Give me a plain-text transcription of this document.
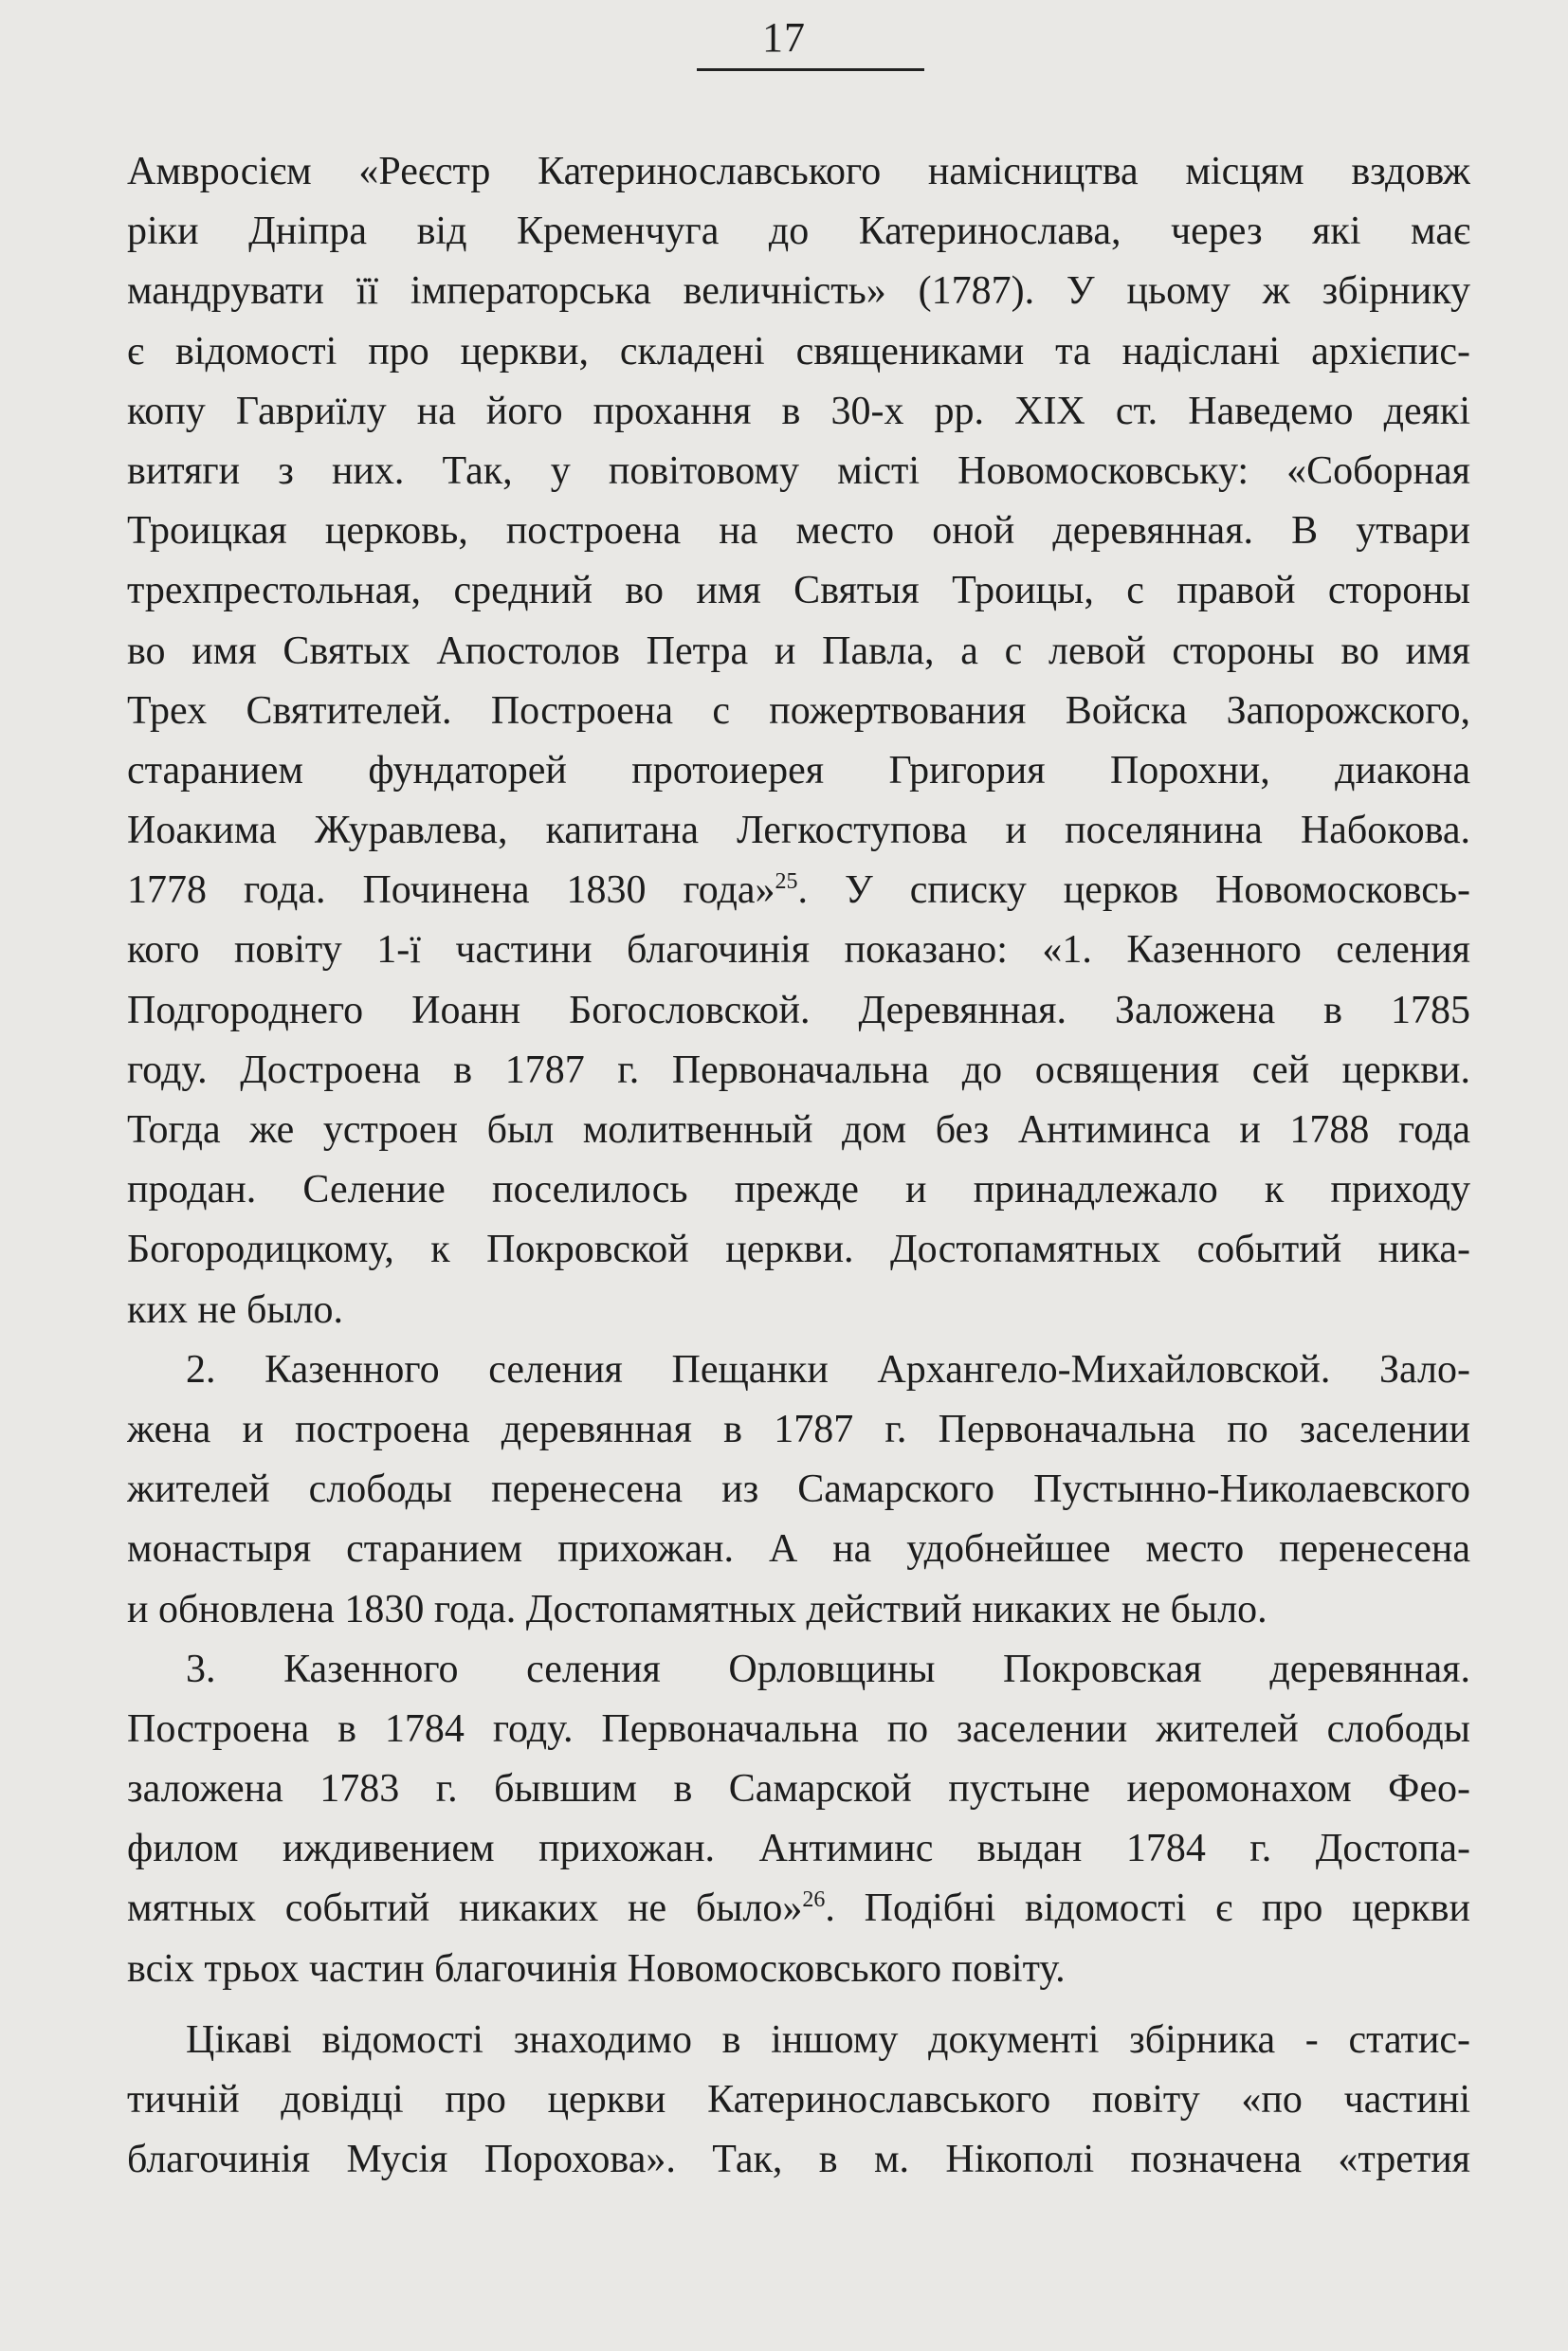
17
Амвросієм «Реєстр Катеринославського намісництва місцям вздовж
ріки Дніпра від Кременчуга до Катеринослава, через які має
мандрувати її імператорська величність» (1787). У цьому ж збірнику
є відомості про церкви, складені священиками та надіслані архієпис-
копу Гавриїлу на його прохання в 30-х рр. XIX ст. Наведемо деякі
витяги з них. Так, у повітовому місті Новомосковську: «Соборная
Троицкая церковь, построена на место оной деревянная. В утвари
трехпрестольная, средний во имя Святыя Троицы, с правой стороны
во имя Святых Апостолов Петра и Павла, а с левой стороны во имя
Трех Святителей. Построена с пожертвования Войска Запорожского,
старанием фундаторей протоиерея Григория Порохни, диакона
Иоакима Журавлева, капитана Легкоступова и поселянина Набокова.
1778 года. Починена 1830 года»$^{25}$. У списку церков Новомосковсь-
кого повіту 1-ї частини благочинія показано: «1. Казенного селения
Подгороднего Иоанн Богословской. Деревянная. Заложена в 1785
году. Достроена в 1787 г. Первоначальна до освящения сей церкви.
Тогда же устроен был молитвенный дом без Антиминса и 1788 года
продан. Селение поселилось прежде и принадлежало к приходу
Богородицкому, к Покровской церкви. Достопамятных событий ника-
ких не было.
2. Казенного селения Пещанки Архангело-Михайловской. Зало-
жена и построена деревянная в 1787 г. Первоначальна по заселении
жителей слободы перенесена из Самарского Пустынно-Николаевского
монастыря старанием прихожан. А на удобнейшее место перенесена
и обновлена 1830 года. Достопамятных действий никаких не было.
3. Казенного селения Орловщины Покровская деревянная.
Построена в 1784 году. Первоначальна по заселении жителей слободы
заложена 1783 г. бывшим в Самарской пустыне иеромонахом Фео-
филом иждивением прихожан. Антиминс выдан 1784 г. Достопа-
мятных событий никаких не было»$^{26}$. Подібні відомості є про церкви
всіх трьох частин благочинія Новомосковського повіту.
Цікаві відомості знаходимо в іншому документі збірника - статис-
тичній довідці про церкви Катеринославського повіту «по частині
благочинія Мусія Порохова». Так, в м. Нікополі позначена «третия
